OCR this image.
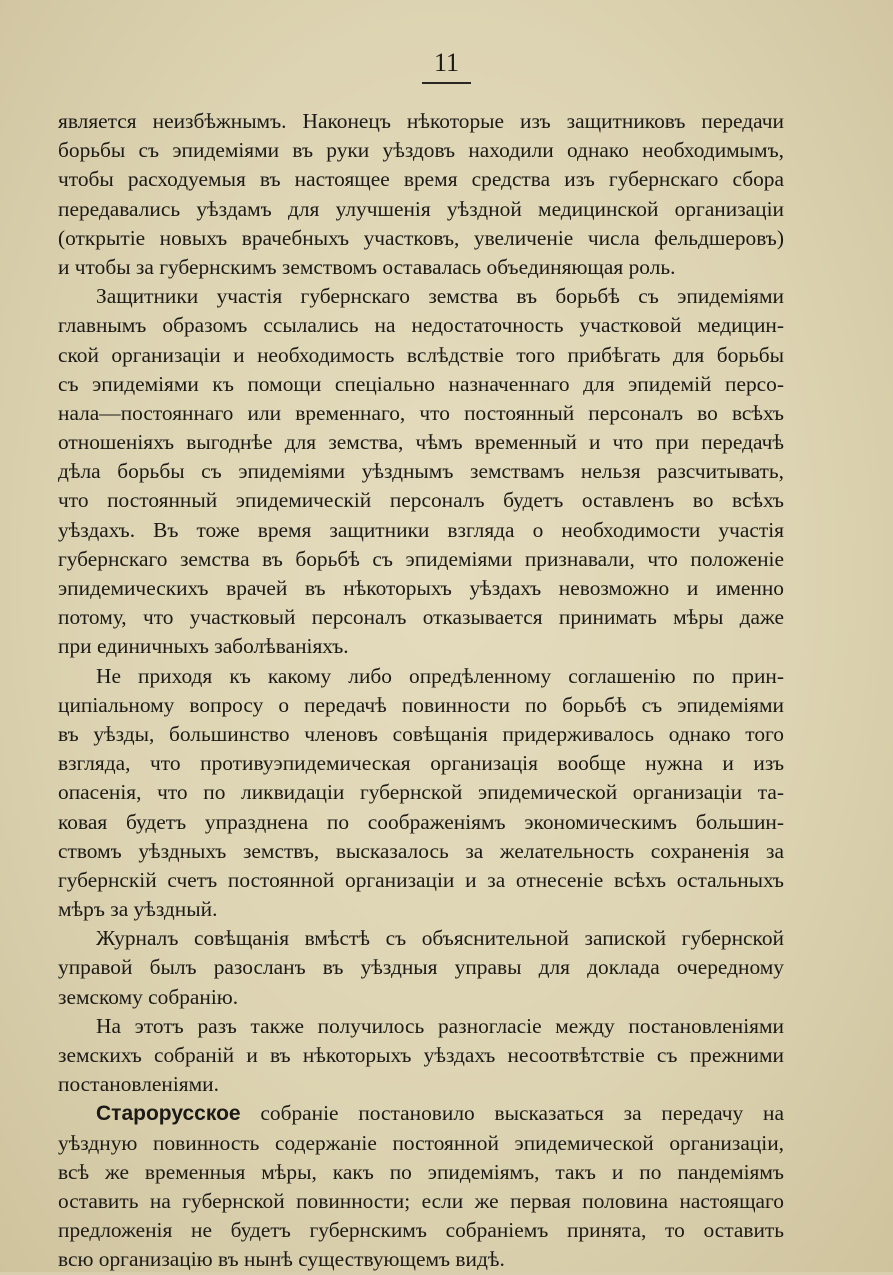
11
является неизбѣжнымъ. Наконецъ нѣкоторые изъ защитниковъ передачи
борьбы съ эпидеміями въ руки уѣздовъ находили однако необходимымъ,
чтобы расходуемыя въ настоящее время средства изъ губернскаго сбора
передавались уѣздамъ для улучшенія уѣздной медицинской организаціи
(открытіе новыхъ врачебныхъ участковъ, увеличеніе числа фельдшеровъ)
и чтобы за губернскимъ земствомъ оставалась объединяющая роль.
Защитники участія губернскаго земства въ борьбѣ съ эпидеміями
главнымъ образомъ ссылались на недостаточность участковой медицин-
ской организаціи и необходимость вслѣдствіе того прибѣгать для борьбы
съ эпидеміями къ помощи спеціально назначеннаго для эпидемій персо-
нала—постояннаго или временнаго, что постоянный персоналъ во всѣхъ
отношеніяхъ выгоднѣе для земства, чѣмъ временный и что при передачѣ
дѣла борьбы съ эпидеміями уѣзднымъ земствамъ нельзя разсчитывать,
что постоянный эпидемическій персоналъ будетъ оставленъ во всѣхъ
уѣздахъ. Въ тоже время защитники взгляда о необходимости участія
губернскаго земства въ борьбѣ съ эпидеміями признавали, что положеніе
эпидемическихъ врачей въ нѣкоторыхъ уѣздахъ невозможно и именно
потому, что участковый персоналъ отказывается принимать мѣры даже
при единичныхъ заболѣваніяхъ.
Не приходя къ какому либо опредѣленному соглашенію по прин-
ципіальному вопросу о передачѣ повинности по борьбѣ съ эпидеміями
въ уѣзды, большинство членовъ совѣщанія придерживалось однако того
взгляда, что противуэпидемическая организація вообще нужна и изъ
опасенія, что по ликвидаціи губернской эпидемической организаціи та-
ковая будетъ упразднена по соображеніямъ экономическимъ большин-
ствомъ уѣздныхъ земствъ, высказалось за желательность сохраненія за
губернскій счетъ постоянной организаціи и за отнесеніе всѣхъ остальныхъ
мѣръ за уѣздный.
Журналъ совѣщанія вмѣстѣ съ объяснительной запиской губернской
управой былъ разосланъ въ уѣздныя управы для доклада очередному
земскому собранію.
На этотъ разъ также получилось разногласіе между постановленіями
земскихъ собраній и въ нѣкоторыхъ уѣздахъ несоотвѣтствіе съ прежними
постановленіями.
Старорусское собраніе постановило высказаться за передачу на
уѣздную повинность содержаніе постоянной эпидемической организаціи,
всѣ же временныя мѣры, какъ по эпидеміямъ, такъ и по пандеміямъ
оставить на губернской повинности; если же первая половина настоящаго
предложенія не будетъ губернскимъ собраніемъ принята, то оставить
всю организацію въ нынѣ существующемъ видѣ.
